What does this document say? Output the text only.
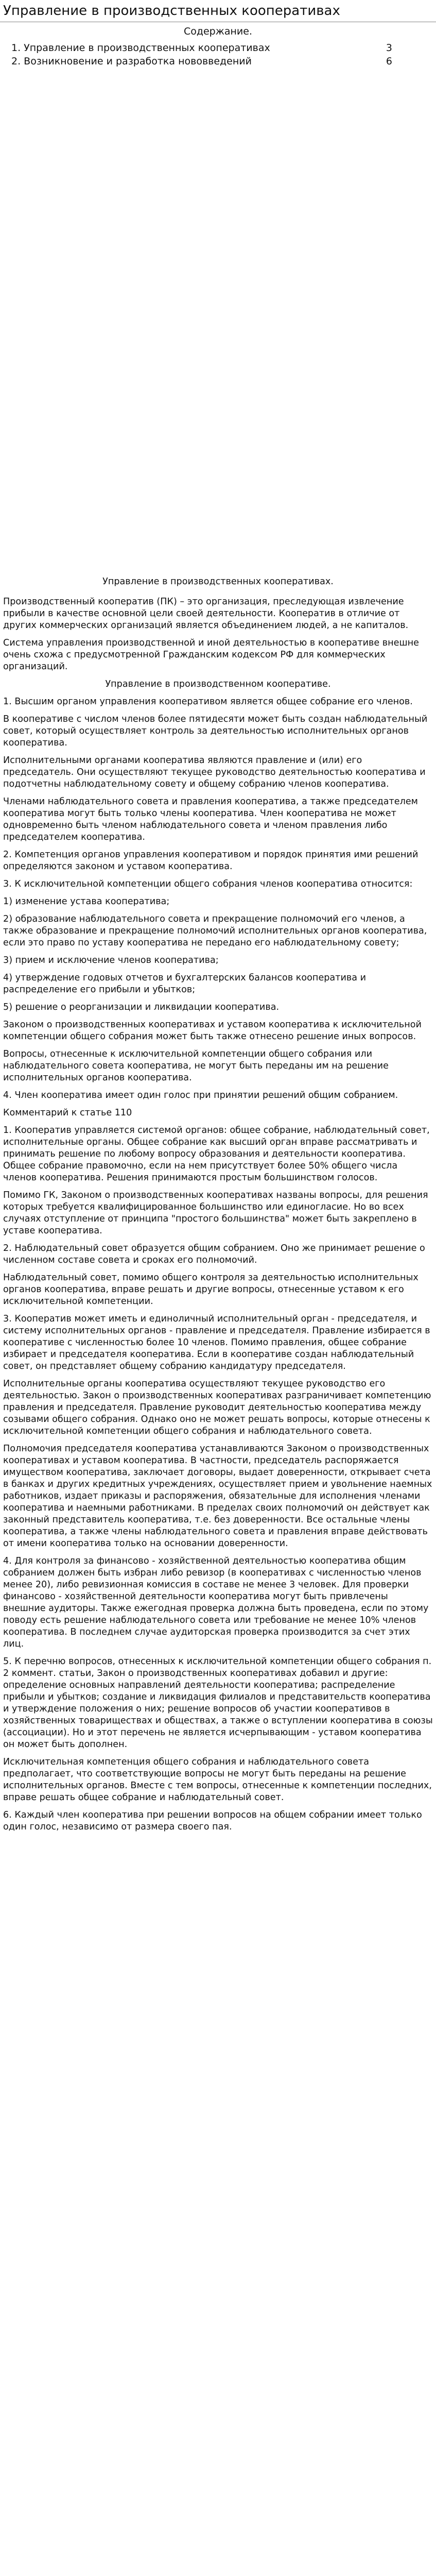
Управление в производственных кооперативах
Содержание.
1. Управление в производственных кооперативах	3
2. Возникновение и разработка нововведений	6
Управление в производственных кооперативах.

Производственный кооператив (ПК) – это организация, преследующая извлечение прибыли в качестве основной цели своей деятельности. Кооператив в отличие от других коммерческих организаций является объединением людей, а не капиталов.

Система управления производственной и иной деятельностью в кооперативе внешне очень схожа с предусмотренной Гражданским кодексом РФ для коммерческих организаций.

Управление в производственном кооперативе.

1. Высшим органом управления кооперативом является общее собрание его членов.

В кооперативе с числом членов более пятидесяти может быть создан наблюдательный совет, который осуществляет контроль за деятельностью исполнительных органов кооператива.

Исполнительными органами кооператива являются правление и (или) его председатель. Они осуществляют текущее руководство деятельностью кооператива и подотчетны наблюдательному совету и общему собранию членов кооператива.

Членами наблюдательного совета и правления кооператива, а также председателем кооператива могут быть только члены кооператива. Член кооператива не может одновременно быть членом наблюдательного совета и членом правления либо председателем кооператива.

2. Компетенция органов управления кооперативом и порядок принятия ими решений определяются законом и уставом кооператива.

3. К исключительной компетенции общего собрания членов кооператива относится:

1) изменение устава кооператива;

2) образование наблюдательного совета и прекращение полномочий его членов, а также образование и прекращение полномочий исполнительных органов кооператива, если это право по уставу кооператива не передано его наблюдательному совету;

3) прием и исключение членов кооператива;

4) утверждение годовых отчетов и бухгалтерских балансов кооператива и распределение его прибыли и убытков;

5) решение о реорганизации и ликвидации кооператива.

Законом о производственных кооперативах и уставом кооператива к исключительной компетенции общего собрания может быть также отнесено решение иных вопросов.

Вопросы, отнесенные к исключительной компетенции общего собрания или наблюдательного совета кооператива, не могут быть переданы им на решение исполнительных органов кооператива.

4. Член кооператива имеет один голос при принятии решений общим собранием.

Комментарий к статье 110

1. Кооператив управляется системой органов: общее собрание, наблюдательный совет, исполнительные органы. Общее собрание как высший орган вправе рассматривать и принимать решение по любому вопросу образования и деятельности кооператива. Общее собрание правомочно, если на нем присутствует более 50% общего числа членов кооператива. Решения принимаются простым большинством голосов.

Помимо ГК, Законом о производственных кооперативах названы вопросы, для решения которых требуется квалифицированное большинство или единогласие. Но во всех случаях отступление от принципа "простого большинства" может быть закреплено в уставе кооператива.

2. Наблюдательный совет образуется общим собранием. Оно же принимает решение о численном составе совета и сроках его полномочий.

Наблюдательный совет, помимо общего контроля за деятельностью исполнительных органов кооператива, вправе решать и другие вопросы, отнесенные уставом к его исключительной компетенции.

3. Кооператив может иметь и единоличный исполнительный орган - председателя, и систему исполнительных органов - правление и председателя. Правление избирается в кооперативе с численностью более 10 членов. Помимо правления, общее собрание избирает и председателя кооператива. Если в кооперативе создан наблюдательный совет, он представляет общему собранию кандидатуру председателя.

Исполнительные органы кооператива осуществляют текущее руководство его деятельностью. Закон о производственных кооперативах разграничивает компетенцию правления и председателя. Правление руководит деятельностью кооператива между созывами общего собрания. Однако оно не может решать вопросы, которые отнесены к исключительной компетенции общего собрания и наблюдательного совета.

Полномочия председателя кооператива устанавливаются Законом о производственных кооперативах и уставом кооператива. В частности, председатель распоряжается имуществом кооператива, заключает договоры, выдает доверенности, открывает счета в банках и других кредитных учреждениях, осуществляет прием и увольнение наемных работников, издает приказы и распоряжения, обязательные для исполнения членами кооператива и наемными работниками. В пределах своих полномочий он действует как законный представитель кооператива, т.е. без доверенности. Все остальные члены кооператива, а также члены наблюдательного совета и правления вправе действовать от имени кооператива только на основании доверенности.

4. Для контроля за финансово - хозяйственной деятельностью кооператива общим собранием должен быть избран либо ревизор (в кооперативах с численностью членов менее 20), либо ревизионная комиссия в составе не менее 3 человек. Для проверки финансово - хозяйственной деятельности кооператива могут быть привлечены внешние аудиторы. Также ежегодная проверка должна быть проведена, если по этому поводу есть решение наблюдательного совета или требование не менее 10% членов кооператива. В последнем случае аудиторская проверка производится за счет этих лиц.

5. К перечню вопросов, отнесенных к исключительной компетенции общего собрания п. 2 коммент. статьи, Закон о производственных кооперативах добавил и другие: определение основных направлений деятельности кооператива; распределение прибыли и убытков; создание и ликвидация филиалов и представительств кооператива и утверждение положения о них; решение вопросов об участии кооперативов в хозяйственных товариществах и обществах, а также о вступлении кооператива в союзы (ассоциации). Но и этот перечень не является исчерпывающим - уставом кооператива он может быть дополнен.

Исключительная компетенция общего собрания и наблюдательного совета предполагает, что соответствующие вопросы не могут быть переданы на решение исполнительных органов. Вместе с тем вопросы, отнесенные к компетенции последних, вправе решать общее собрание и наблюдательный совет.

6. Каждый член кооператива при решении вопросов на общем собрании имеет только один голос, независимо от размера своего пая.
